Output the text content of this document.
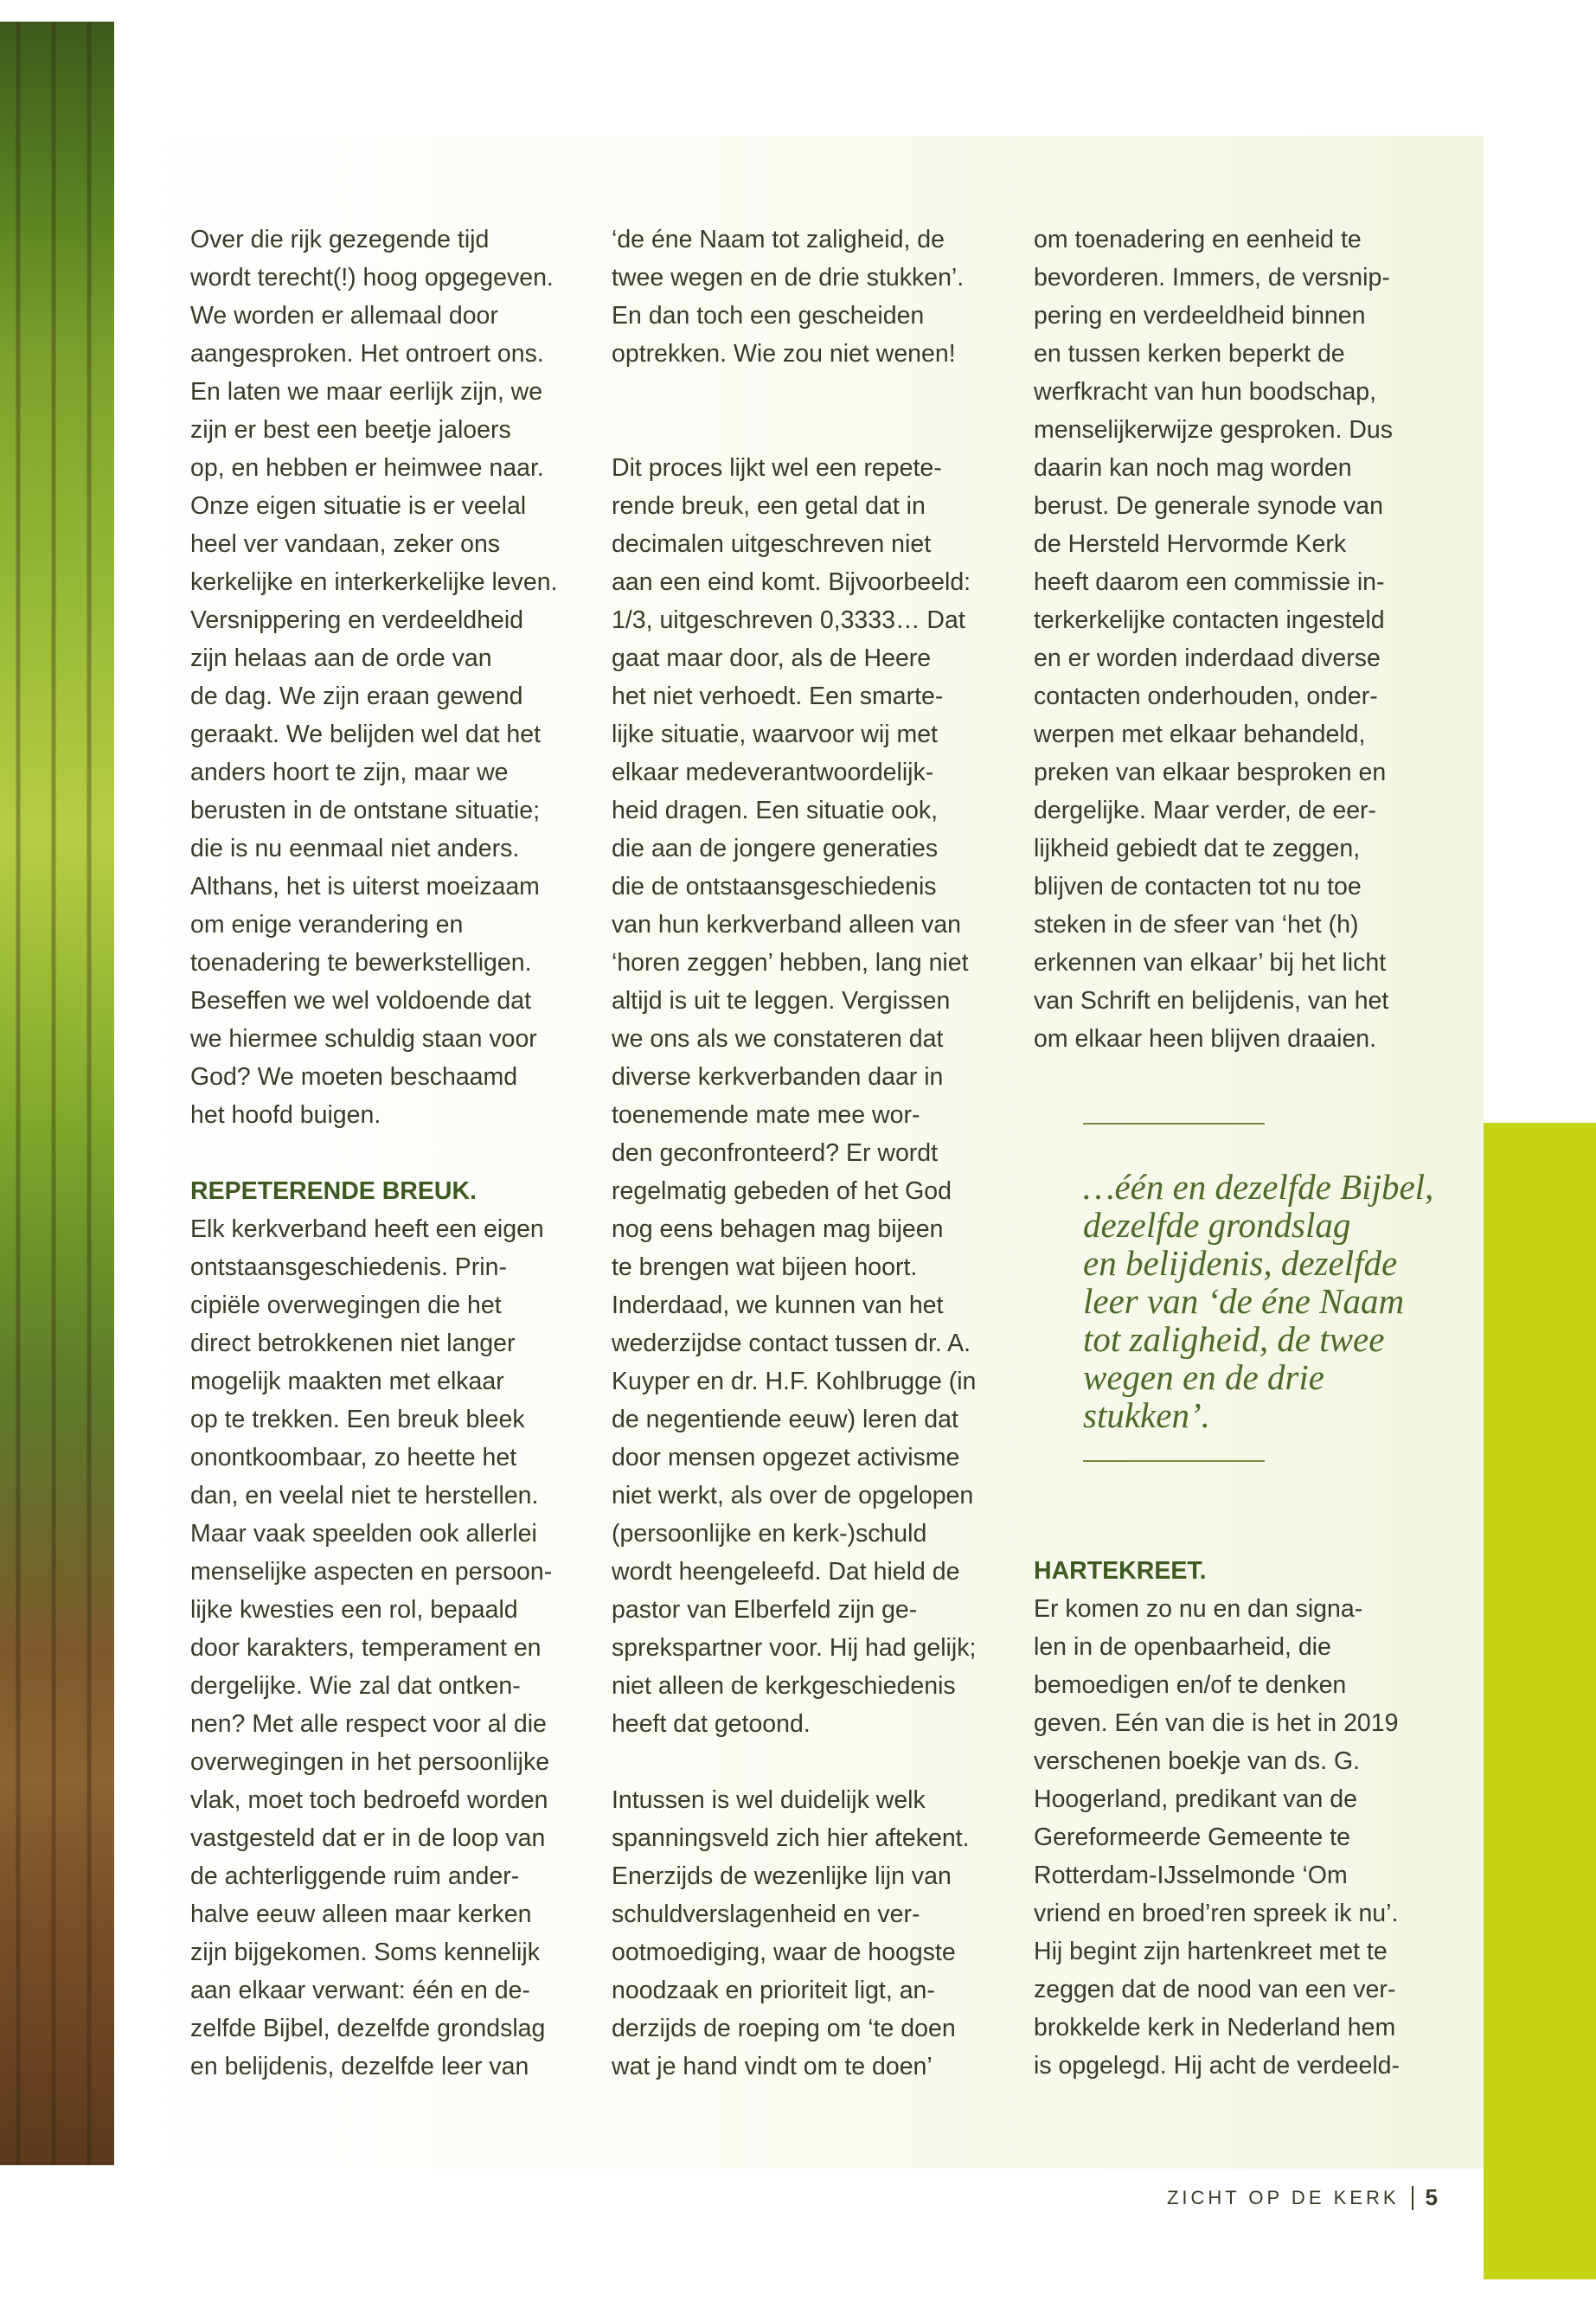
Over die rijk gezegende tijd
wordt terecht(!) hoog opgegeven.
We worden er allemaal door
aangesproken. Het ontroert ons.
En laten we maar eerlijk zijn, we
zijn er best een beetje jaloers
op, en hebben er heimwee naar.
Onze eigen situatie is er veelal
heel ver vandaan, zeker ons
kerkelijke en interkerkelijke leven.
Versnippering en verdeeldheid
zijn helaas aan de orde van
de dag. We zijn eraan gewend
geraakt. We belijden wel dat het
anders hoort te zijn, maar we
berusten in de ontstane situatie;
die is nu eenmaal niet anders.
Althans, het is uiterst moeizaam
om enige verandering en
toenadering te bewerkstelligen.
Beseffen we wel voldoende dat
we hiermee schuldig staan voor
God? We moeten beschaamd
het hoofd buigen.
REPETERENDE BREUK.
Elk kerkverband heeft een eigen
ontstaansgeschiedenis. Prin-
cipiële overwegingen die het
direct betrokkenen niet langer
mogelijk maakten met elkaar
op te trekken. Een breuk bleek
onontkoombaar, zo heette het
dan, en veelal niet te herstellen.
Maar vaak speelden ook allerlei
menselijke aspecten en persoon-
lijke kwesties een rol, bepaald
door karakters, temperament en
dergelijke. Wie zal dat ontken-
nen? Met alle respect voor al die
overwegingen in het persoonlijke
vlak, moet toch bedroefd worden
vastgesteld dat er in de loop van
de achterliggende ruim ander-
halve eeuw alleen maar kerken
zijn bijgekomen. Soms kennelijk
aan elkaar verwant: één en de-
zelfde Bijbel, dezelfde grondslag
en belijdenis, dezelfde leer van
‘de éne Naam tot zaligheid, de
twee wegen en de drie stukken’.
En dan toch een gescheiden
optrekken. Wie zou niet wenen!
Dit proces lijkt wel een repete-
rende breuk, een getal dat in
decimalen uitgeschreven niet
aan een eind komt. Bijvoorbeeld:
1/3, uitgeschreven 0,3333… Dat
gaat maar door, als de Heere
het niet verhoedt. Een smarte-
lijke situatie, waarvoor wij met
elkaar medeverantwoordelijk-
heid dragen. Een situatie ook,
die aan de jongere generaties
die de ontstaansgeschiedenis
van hun kerkverband alleen van
‘horen zeggen’ hebben, lang niet
altijd is uit te leggen. Vergissen
we ons als we constateren dat
diverse kerkverbanden daar in
toenemende mate mee wor-
den geconfronteerd? Er wordt
regelmatig gebeden of het God
nog eens behagen mag bijeen
te brengen wat bijeen hoort.
Inderdaad, we kunnen van het
wederzijdse contact tussen dr. A.
Kuyper en dr. H.F. Kohlbrugge (in
de negentiende eeuw) leren dat
door mensen opgezet activisme
niet werkt, als over de opgelopen
(persoonlijke en kerk-)schuld
wordt heengeleefd. Dat hield de
pastor van Elberfeld zijn ge-
sprekspartner voor. Hij had gelijk;
niet alleen de kerkgeschiedenis
heeft dat getoond.
Intussen is wel duidelijk welk
spanningsveld zich hier aftekent.
Enerzijds de wezenlijke lijn van
schuldverslagenheid en ver-
ootmoediging, waar de hoogste
noodzaak en prioriteit ligt, an-
derzijds de roeping om ‘te doen
wat je hand vindt om te doen’
om toenadering en eenheid te
bevorderen. Immers, de versnip-
pering en verdeeldheid binnen
en tussen kerken beperkt de
werfkracht van hun boodschap,
menselijkerwijze gesproken. Dus
daarin kan noch mag worden
berust. De generale synode van
de Hersteld Hervormde Kerk
heeft daarom een commissie in-
terkerkelijke contacten ingesteld
en er worden inderdaad diverse
contacten onderhouden, onder-
werpen met elkaar behandeld,
preken van elkaar besproken en
dergelijke. Maar verder, de eer-
lijkheid gebiedt dat te zeggen,
blijven de contacten tot nu toe
steken in de sfeer van ‘het (h)
erkennen van elkaar’ bij het licht
van Schrift en belijdenis, van het
om elkaar heen blijven draaien.
…één en dezelfde Bijbel,
dezelfde grondslag
en belijdenis, dezelfde
leer van ‘de éne Naam
tot zaligheid, de twee
wegen en de drie
stukken’.
HARTEKREET.
Er komen zo nu en dan signa-
len in de openbaarheid, die
bemoedigen en/of te denken
geven. Eén van die is het in 2019
verschenen boekje van ds. G.
Hoogerland, predikant van de
Gereformeerde Gemeente te
Rotterdam-IJsselmonde ‘Om
vriend en broed’ren spreek ik nu’.
Hij begint zijn hartenkreet met te
zeggen dat de nood van een ver-
brokkelde kerk in Nederland hem
is opgelegd. Hij acht de verdeeld-
ZICHT OP DE KERK 5
